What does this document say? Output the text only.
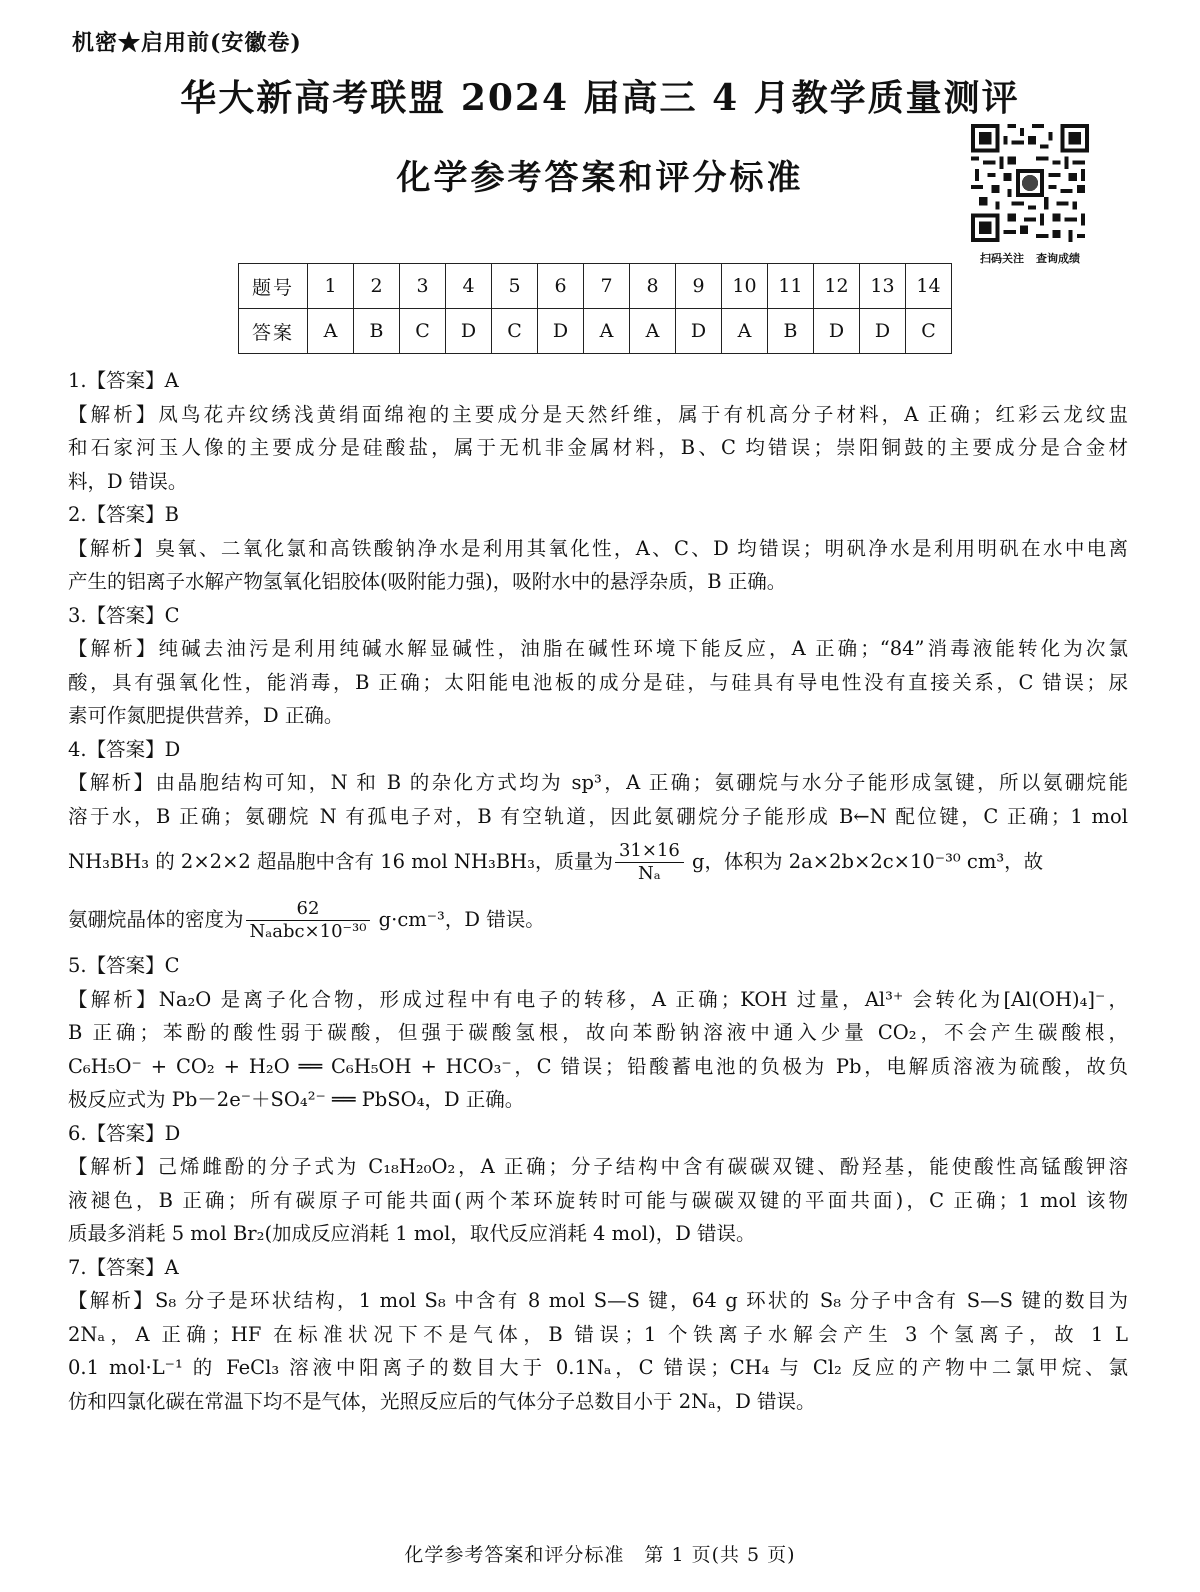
机密★启用前(安徽卷)
华大新高考联盟 2024 届高三 4 月教学质量测评
化学参考答案和评分标准
扫码关注 查询成绩
题号	1	2	3	4	5	6	7	8	9	10	11	12	13	14
答案	A	B	C	D	C	D	A	A	D	A	B	D	D	C
1.【答案】A

【解析】凤鸟花卉纹绣浅黄绢面绵袍的主要成分是天然纤维，属于有机高分子材料，A 正确；红彩云龙纹盅

和石家河玉人像的主要成分是硅酸盐，属于无机非金属材料，B、C 均错误；崇阳铜鼓的主要成分是合金材

料，D 错误。

2.【答案】B

【解析】臭氧、二氧化氯和高铁酸钠净水是利用其氧化性，A、C、D 均错误；明矾净水是利用明矾在水中电离

产生的铝离子水解产物氢氧化铝胶体(吸附能力强)，吸附水中的悬浮杂质，B 正确。

3.【答案】C

【解析】纯碱去油污是利用纯碱水解显碱性，油脂在碱性环境下能反应，A 正确；“84”消毒液能转化为次氯

酸，具有强氧化性，能消毒，B 正确；太阳能电池板的成分是硅，与硅具有导电性没有直接关系，C 错误；尿

素可作氮肥提供营养，D 正确。

4.【答案】D

【解析】由晶胞结构可知，N 和 B 的杂化方式均为 sp³，A 正确；氨硼烷与水分子能形成氢键，所以氨硼烷能

溶于水，B 正确；氨硼烷 N 有孤电子对，B 有空轨道，因此氨硼烷分子能形成 B←N 配位键，C 正确；1 mol

NH₃BH₃ 的 2×2×2 超晶胞中含有 16 mol NH₃BH₃，质量为 $\frac{31\times 16}{\text{Nₐ}}$ g，体积为 2a×2b×2c×10⁻³⁰ cm³，故

氨硼烷晶体的密度为 $\frac{62}{\text{Nₐabc×10⁻³⁰}} g\cdot cm^{-3}$，D 错误。

5.【答案】C

【解析】Na₂O 是离子化合物，形成过程中有电子的转移，A 正确；KOH 过量，Al³⁺ 会转化为[Al(OH)₄]⁻，

B 正确；苯酚的酸性弱于碳酸，但强于碳酸氢根，故向苯酚钠溶液中通入少量 CO₂，不会产生碳酸根，

C₆H₅O⁻ + CO₂ + H₂O ══ C₆H₅OH + HCO₃⁻，C 错误；铅酸蓄电池的负极为 Pb，电解质溶液为硫酸，故负

极反应式为 Pb－2e⁻＋SO₄²⁻ ══ PbSO₄，D 正确。

6.【答案】D

【解析】己烯雌酚的分子式为 C₁₈H₂₀O₂，A 正确；分子结构中含有碳碳双键、酚羟基，能使酸性高锰酸钾溶

液褪色，B 正确；所有碳原子可能共面(两个苯环旋转时可能与碳碳双键的平面共面)，C 正确；1 mol 该物

质最多消耗 5 mol Br₂(加成反应消耗 1 mol，取代反应消耗 4 mol)，D 错误。

7.【答案】A

【解析】S₈ 分子是环状结构，1 mol S₈ 中含有 8 mol S—S 键，64 g 环状的 S₈ 分子中含有 S—S 键的数目为

2Nₐ，A 正确；HF 在标准状况下不是气体，B 错误；1 个铁离子水解会产生 3 个氢离子，故 1 L

0.1 mol·L⁻¹ 的 FeCl₃ 溶液中阳离子的数目大于 0.1Nₐ，C 错误；CH₄ 与 Cl₂ 反应的产物中二氯甲烷、氯

仿和四氯化碳在常温下均不是气体，光照反应后的气体分子总数目小于 2Nₐ，D 错误。

化学参考答案和评分标准　第 1 页(共 5 页)
